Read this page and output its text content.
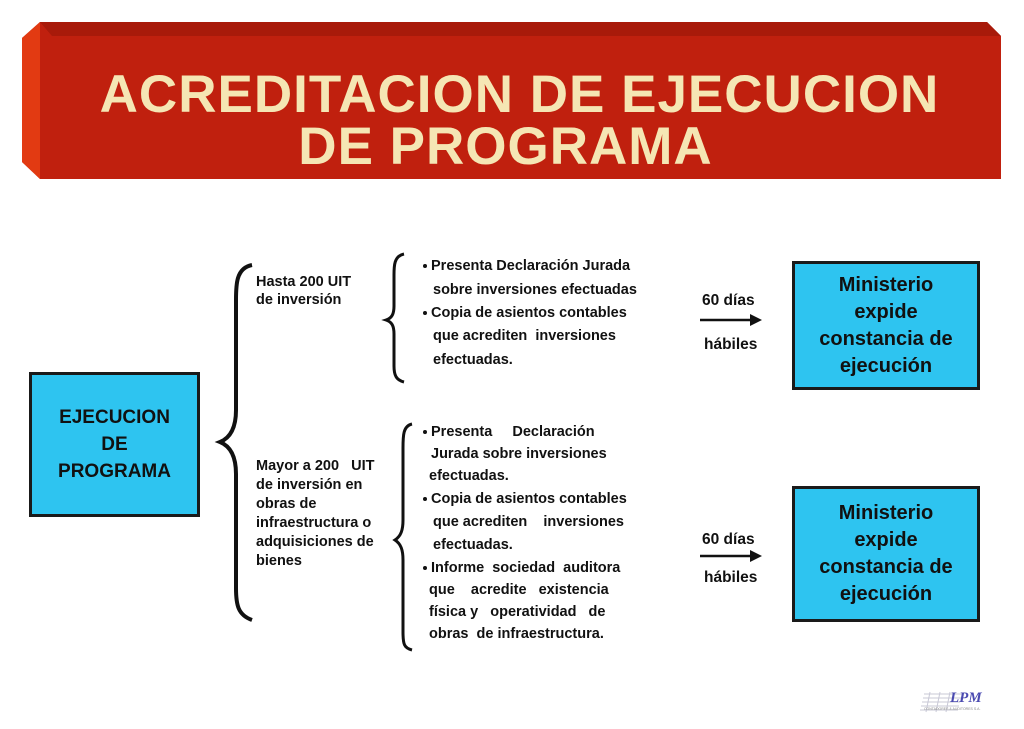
ACREDITACION DE EJECUCION
DE PROGRAMA
EJECUCION
DE
PROGRAMA
Hasta 200 UIT
de inversión
Mayor a 200   UIT
de inversión en
obras de
infraestructura o
adquisiciones de
bienes
Presenta Declaración Jurada
sobre inversiones efectuadas
Copia de asientos contables
que acrediten  inversiones
efectuadas.
Presenta     Declaración
Jurada sobre inversiones
efectuadas.
Copia de asientos contables
que acrediten    inversiones
efectuadas.
Informe  sociedad  auditora
que    acredite   existencia
física y   operatividad   de
obras  de infraestructura.
60 días
hábiles
60 días
hábiles
Ministerio
expide
constancia de
ejecución
Ministerio
expide
constancia de
ejecución
LPM
CONTADORES & AUDITORES S.A.
